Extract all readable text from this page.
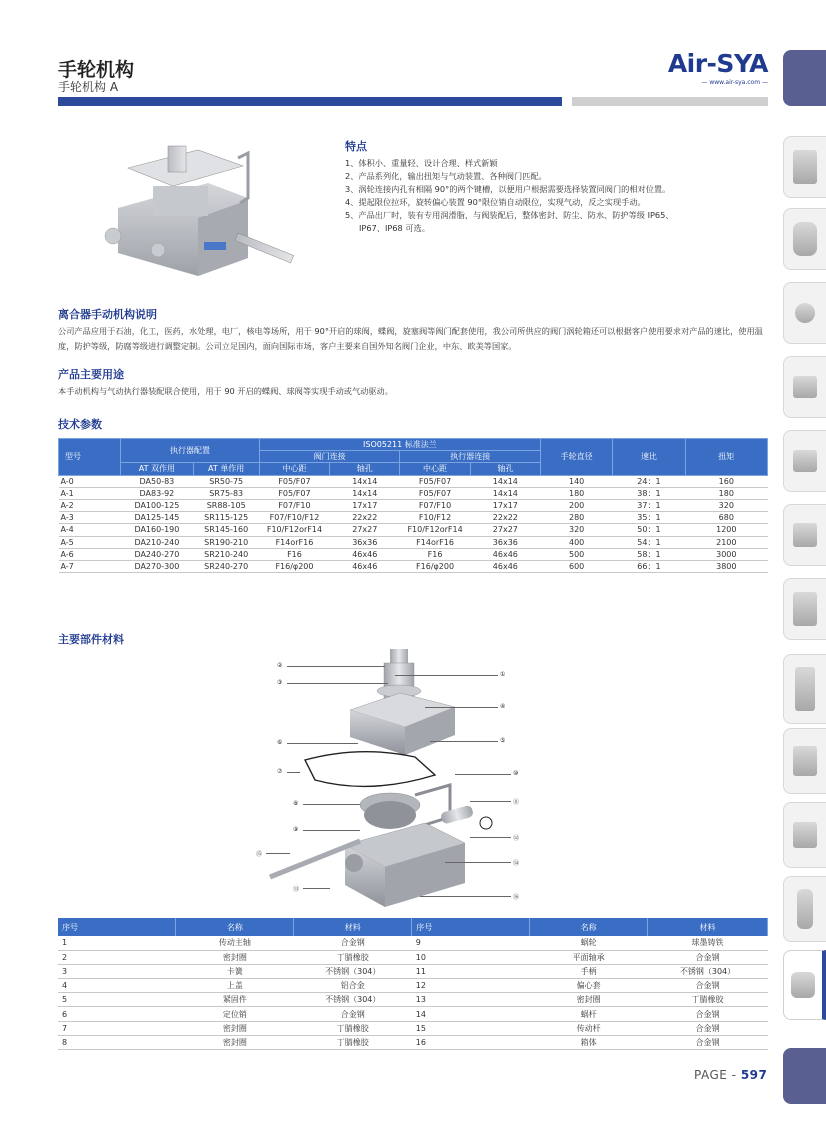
手轮机构
手轮机构 A
Air-SYA
— www.air-sya.com —
特点
1、体积小、重量轻、设计合理、样式新颖
2、产品系列化，输出扭矩与气动装置、各种阀门匹配。
3、涡轮连接内孔有相隔 90°的两个键槽，以便用户根据需要选择装置同阀门的相对位置。
4、提起限位拉环，旋转偏心装置 90°限位销自动限位，实现气动，反之实现手动。
5、产品出厂时，装有专用润滑脂，与阀装配后，整体密封、防尘、防水、防护等级 IP65、
IP67、IP68 可选。
离合器手动机构说明
公司产品应用于石油，化工，医药，水处理，电厂，核电等场所，用于 90°开启的球阀，蝶阀，旋塞阀等阀门配套使用，我公司所供应的阀门涡轮箱还可以根据客户使用要求对产品的速比，使用温度，防护等级，防腐等级进行调整定制。公司立足国内，面向国际市场，客户主要来自国外知名阀门企业，中东、欧美等国家。
产品主要用途
本手动机构与气动执行器装配联合使用，用于 90 开启的蝶阀、球阀等实现手动或气动驱动。
技术参数
型号	执行器配置		ISO05211 标准法兰				手轮直径	速比	扭矩
			阀门连接		执行器连接				
	AT 双作用	AT 单作用	中心距	轴孔	中心距	轴孔			
A-0	DA50-83	SR50-75	F05/F07	14x14	F05/F07	14x14	140	24：1	160
A-1	DA83-92	SR75-83	F05/F07	14x14	F05/F07	14x14	180	38：1	180
A-2	DA100-125	SR88-105	F07/F10	17x17	F07/F10	17x17	200	37：1	320
A-3	DA125-145	SR115-125	F07/F10/F12	22x22	F10/F12	22x22	280	35：1	680
A-4	DA160-190	SR145-160	F10/F12orF14	27x27	F10/F12orF14	27x27	320	50：1	1200
A-5	DA210-240	SR190-210	F14orF16	36x36	F14orF16	36x36	400	54：1	2100
A-6	DA240-270	SR210-240	F16	46x46	F16	46x46	500	58：1	3000
A-7	DA270-300	SR240-270	F16/φ200	46x46	F16/φ200	46x46	600	66：1	3800
主要部件材料
②
③
⑥
⑦
⑧
⑨
⑮
⑬
①
④
⑤
⑩
⑪
⑫
⑭
⑯
序号	名称	材料	序号	名称	材料
1	传动主轴	合金钢	9	蜗轮	球墨铸铁
2	密封圈	丁腈橡胶	10	平面轴承	合金钢
3	卡簧	不锈钢（304）	11	手柄	不锈钢（304）
4	上盖	铝合金	12	偏心套	合金钢
5	紧固件	不锈钢（304）	13	密封圈	丁腈橡胶
6	定位销	合金钢	14	蜗杆	合金钢
7	密封圈	丁腈橡胶	15	传动杆	合金钢
8	密封圈	丁腈橡胶	16	箱体	合金钢
PAGE - 597
